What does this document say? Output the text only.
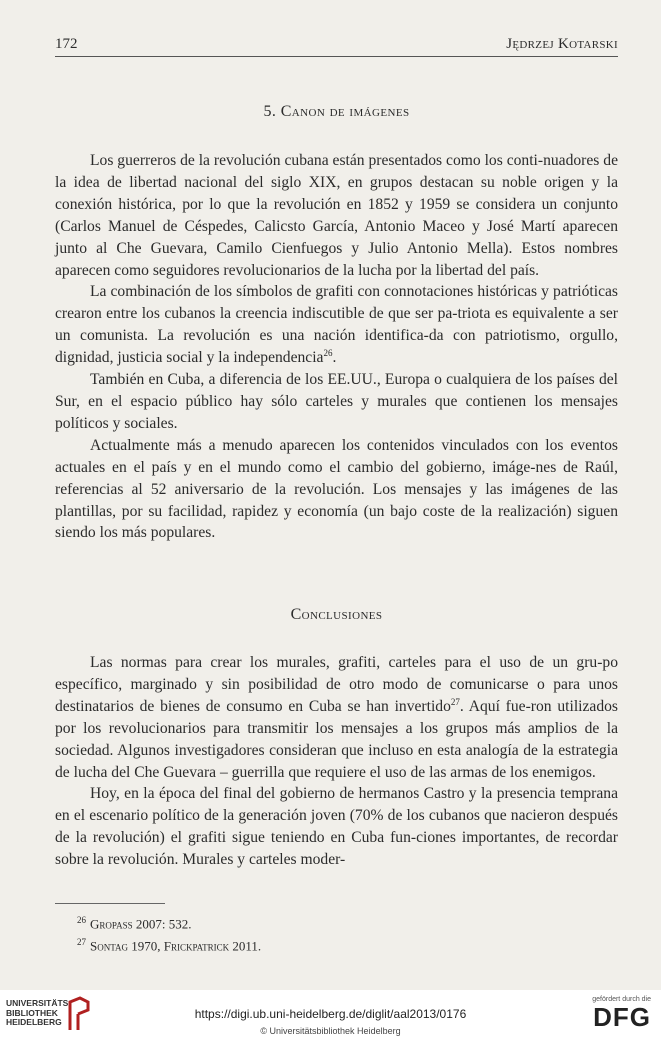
172	Jędrzej Kotarski
5. Canon de imágenes

Los guerreros de la revolución cubana están presentados como los conti-nuadores de la idea de libertad nacional del siglo XIX, en grupos destacan su noble origen y la conexión histórica, por lo que la revolución en 1852 y 1959 se considera un conjunto (Carlos Manuel de Céspedes, Calicsto García, Antonio Maceo y José Martí aparecen junto al Che Guevara, Camilo Cienfuegos y Julio Antonio Mella). Estos nombres aparecen como seguidores revolucionarios de la lucha por la libertad del país.

La combinación de los símbolos de grafiti con connotaciones históricas y patrióticas crearon entre los cubanos la creencia indiscutible de que ser pa-triota es equivalente a ser un comunista. La revolución es una nación identifica-da con patriotismo, orgullo, dignidad, justicia social y la independencia$^{26}$.

También en Cuba, a diferencia de los EE.UU., Europa o cualquiera de los países del Sur, en el espacio público hay sólo carteles y murales que contienen los mensajes políticos y sociales.

Actualmente más a menudo aparecen los contenidos vinculados con los eventos actuales en el país y en el mundo como el cambio del gobierno, imáge-nes de Raúl, referencias al 52 aniversario de la revolución. Los mensajes y las imágenes de las plantillas, por su facilidad, rapidez y economía (un bajo coste de la realización) siguen siendo los más populares.

Conclusiones

Las normas para crear los murales, grafiti, carteles para el uso de un gru-po específico, marginado y sin posibilidad de otro modo de comunicarse o para unos destinatarios de bienes de consumo en Cuba se han invertido$^{27}$. Aquí fue-ron utilizados por los revolucionarios para transmitir los mensajes a los grupos más amplios de la sociedad. Algunos investigadores consideran que incluso en esta analogía de la estrategia de lucha del Che Guevara – guerrilla que requiere el uso de las armas de los enemigos.

Hoy, en la época del final del gobierno de hermanos Castro y la presencia temprana en el escenario político de la generación joven (70% de los cubanos que nacieron después de la revolución) el grafiti sigue teniendo en Cuba fun-ciones importantes, de recordar sobre la revolución. Murales y carteles moder-

$^{26}$ Gropass 2007: 532.
$^{27}$ Sontag 1970, Frickpatrick 2011.
UNIVERSITÄTS-
BIBLIOTHEK
HEIDELBERG
https://digi.ub.uni-heidelberg.de/diglit/aal2013/0176
© Universitätsbibliothek Heidelberg
gefördert durch die
DFG
